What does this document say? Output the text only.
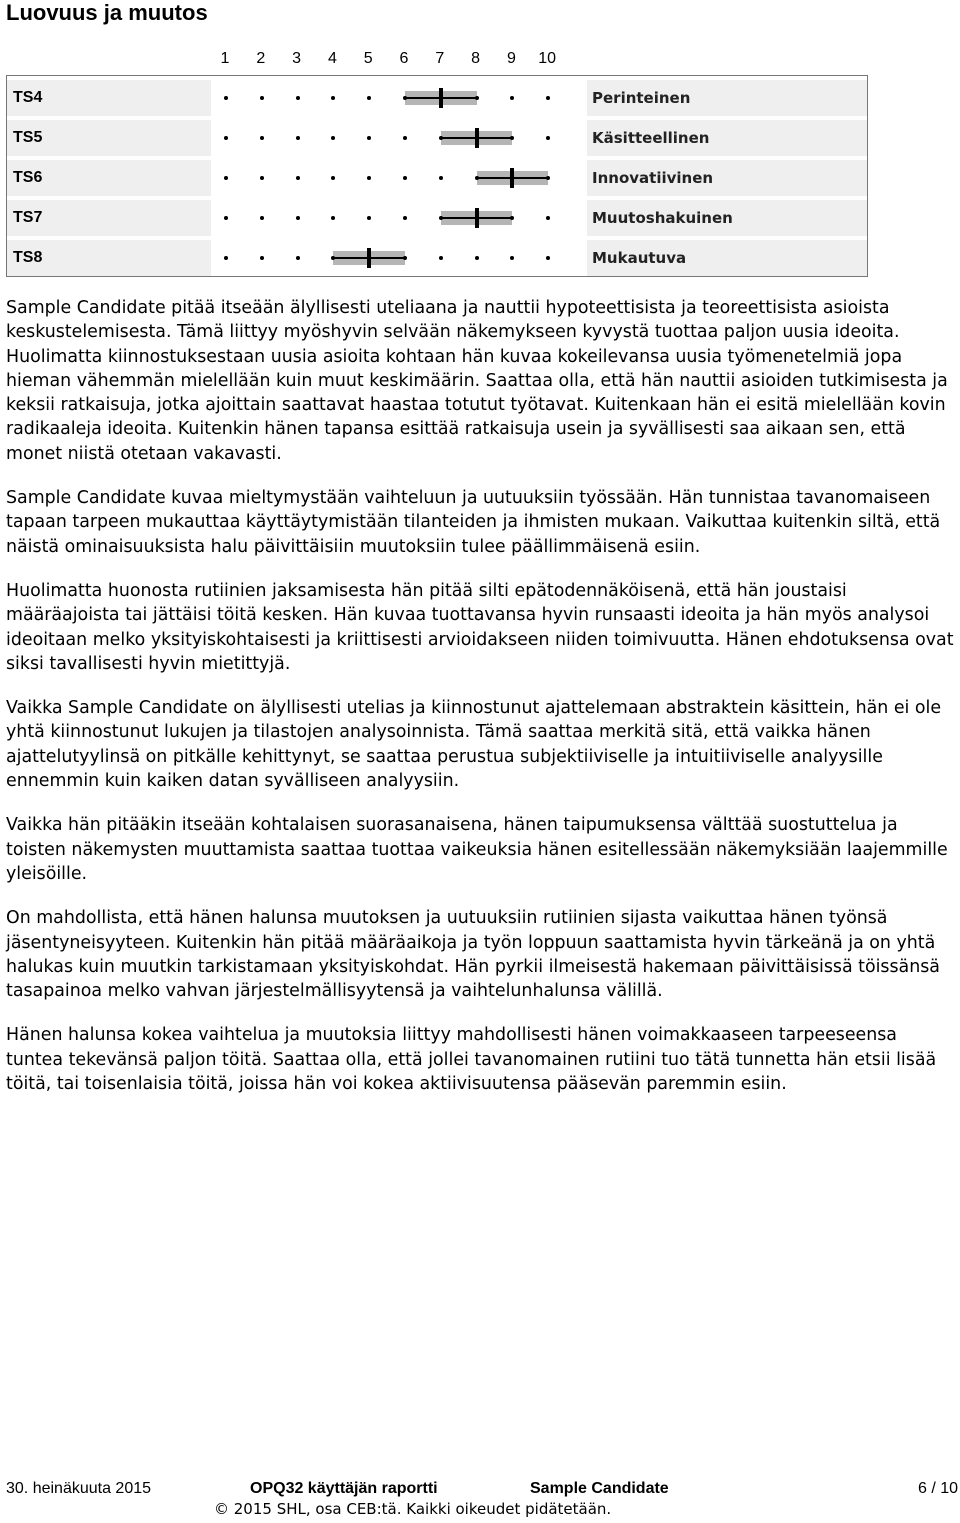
Luovuus ja muutos
1	2	3	4	5	6	7	8	9	10
TS4	Perinteinen
TS5	Käsitteellinen
TS6	Innovatiivinen
TS7	Muutoshakuinen
TS8	Mukautuva

Sample Candidate pitää itseään älyllisesti uteliaana ja nauttii hypoteettisista ja teoreettisista asioista keskustelemisesta. Tämä liittyy myöshyvin selvään näkemykseen kyvystä tuottaa paljon uusia ideoita. Huolimatta kiinnostuksestaan uusia asioita kohtaan hän kuvaa kokeilevansa uusia työmenetelmiä jopa hieman vähemmän mielellään kuin muut keskimäärin. Saattaa olla, että hän nauttii asioiden tutkimisesta ja keksii ratkaisuja, jotka ajoittain saattavat haastaa totutut työtavat. Kuitenkaan hän ei esitä mielellään kovin radikaaleja ideoita. Kuitenkin hänen tapansa esittää ratkaisuja usein ja syvällisesti saa aikaan sen, että monet niistä otetaan vakavasti.

Sample Candidate kuvaa mieltymystään vaihteluun ja uutuuksiin työssään. Hän tunnistaa tavanomaiseen tapaan tarpeen mukauttaa käyttäytymistään tilanteiden ja ihmisten mukaan. Vaikuttaa kuitenkin siltä, että näistä ominaisuuksista halu päivittäisiin muutoksiin tulee päällimmäisenä esiin.

Huolimatta huonosta rutiinien jaksamisesta hän pitää silti epätodennäköisenä, että hän joustaisi määräajoista tai jättäisi töitä kesken. Hän kuvaa tuottavansa hyvin runsaasti ideoita ja hän myös analysoi ideoitaan melko yksityiskohtaisesti ja kriittisesti arvioidakseen niiden toimivuutta. Hänen ehdotuksensa ovat siksi tavallisesti hyvin mietittyjä.

Vaikka Sample Candidate on älyllisesti utelias ja kiinnostunut ajattelemaan abstraktein käsittein, hän ei ole yhtä kiinnostunut lukujen ja tilastojen analysoinnista. Tämä saattaa merkitä sitä, että vaikka hänen ajattelutyylinsä on pitkälle kehittynyt, se saattaa perustua subjektiiviselle ja intuitiiviselle analyysille ennemmin kuin kaiken datan syvälliseen analyysiin.

Vaikka hän pitääkin itseään kohtalaisen suorasanaisena, hänen taipumuksensa välttää suostuttelua ja toisten näkemysten muuttamista saattaa tuottaa vaikeuksia hänen esitellessään näkemyksiään laajemmille yleisöille.

On mahdollista, että hänen halunsa muutoksen ja uutuuksiin rutiinien sijasta vaikuttaa hänen työnsä jäsentyneisyyteen. Kuitenkin hän pitää määräaikoja ja työn loppuun saattamista hyvin tärkeänä ja on yhtä halukas kuin muutkin tarkistamaan yksityiskohdat. Hän pyrkii ilmeisestä hakemaan päivittäisissä töissänsä tasapainoa melko vahvan järjestelmällisyytensä ja vaihtelunhalunsa välillä.

Hänen halunsa kokea vaihtelua ja muutoksia liittyy mahdollisesti hänen voimakkaaseen tarpeeseensa tuntea tekevänsä paljon töitä. Saattaa olla, että jollei tavanomainen rutiini tuo tätä tunnetta hän etsii lisää töitä, tai toisenlaisia töitä, joissa hän voi kokea aktiivisuutensa pääsevän paremmin esiin.

30. heinäkuuta 2015	OPQ32 käyttäjän raportti	Sample Candidate	6 / 10
© 2015 SHL, osa CEB:tä. Kaikki oikeudet pidätetään.
